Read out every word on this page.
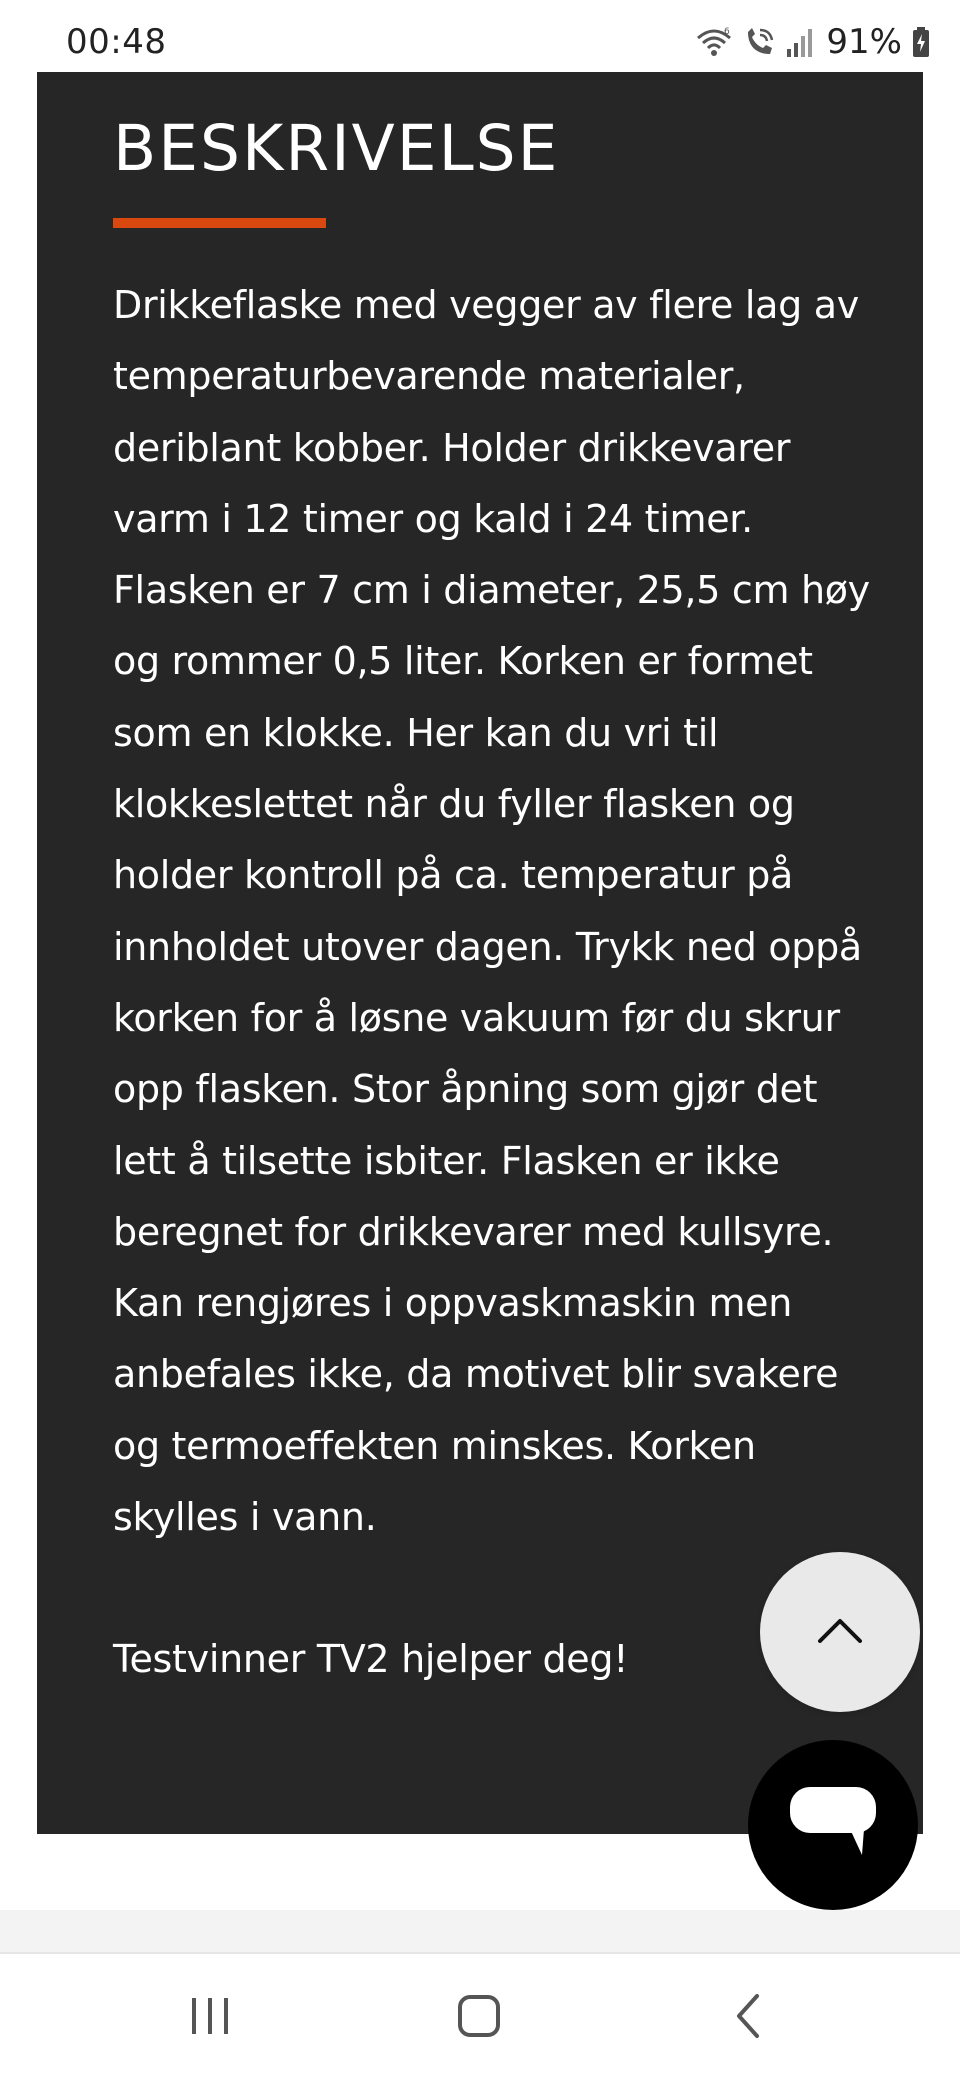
00:48	6	91%
BESKRIVELSE

Drikkeflaske med vegger av flere lag av temperaturbevarende materialer, deriblant kobber. Holder drikkevarer varm i 12 timer og kald i 24 timer. Flasken er 7 cm i diameter, 25,5 cm høy og rommer 0,5 liter. Korken er formet som en klokke. Her kan du vri til klokkeslettet når du fyller flasken og holder kontroll på ca. temperatur på innholdet utover dagen. Trykk ned oppå korken for å løsne vakuum før du skrur opp flasken. Stor åpning som gjør det lett å tilsette isbiter. Flasken er ikke beregnet for drikkevarer med kullsyre.

Kan rengjøres i oppvaskmaskin men anbefales ikke, da motivet blir svakere og termoeffekten minskes. Korken skylles i vann.

Testvinner TV2 hjelper deg!
